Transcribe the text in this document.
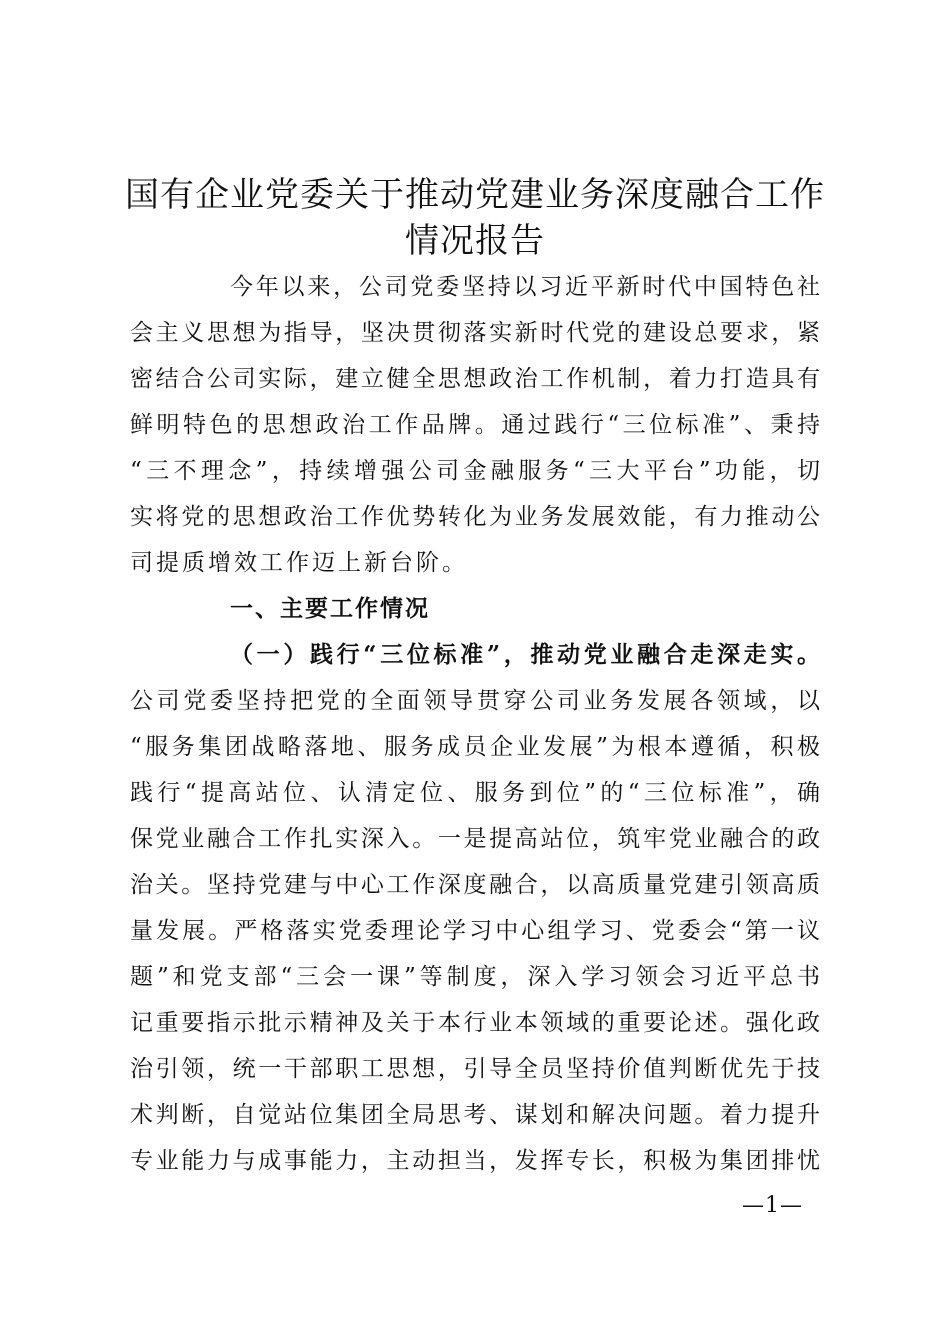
国有企业党委关于推动党建业务深度融合工作
情况报告
今年以来，公司党委坚持以习近平新时代中国特色社
会主义思想为指导，坚决贯彻落实新时代党的建设总要求，紧
密结合公司实际，建立健全思想政治工作机制，着力打造具有
鲜明特色的思想政治工作品牌。通过践行“三位标准”、秉持
“三不理念”，持续增强公司金融服务“三大平台”功能，切
实将党的思想政治工作优势转化为业务发展效能，有力推动公
司提质增效工作迈上新台阶。
一、主要工作情况
（一）践行“三位标准”，推动党业融合走深走实。
公司党委坚持把党的全面领导贯穿公司业务发展各领域，以
“服务集团战略落地、服务成员企业发展”为根本遵循，积极
践行“提高站位、认清定位、服务到位”的“三位标准”，确
保党业融合工作扎实深入。一是提高站位，筑牢党业融合的政
治关。坚持党建与中心工作深度融合，以高质量党建引领高质
量发展。严格落实党委理论学习中心组学习、党委会“第一议
题”和党支部“三会一课”等制度，深入学习领会习近平总书
记重要指示批示精神及关于本行业本领域的重要论述。强化政
治引领，统一干部职工思想，引导全员坚持价值判断优先于技
术判断，自觉站位集团全局思考、谋划和解决问题。着力提升
专业能力与成事能力，主动担当，发挥专长，积极为集团排忧
—1—
